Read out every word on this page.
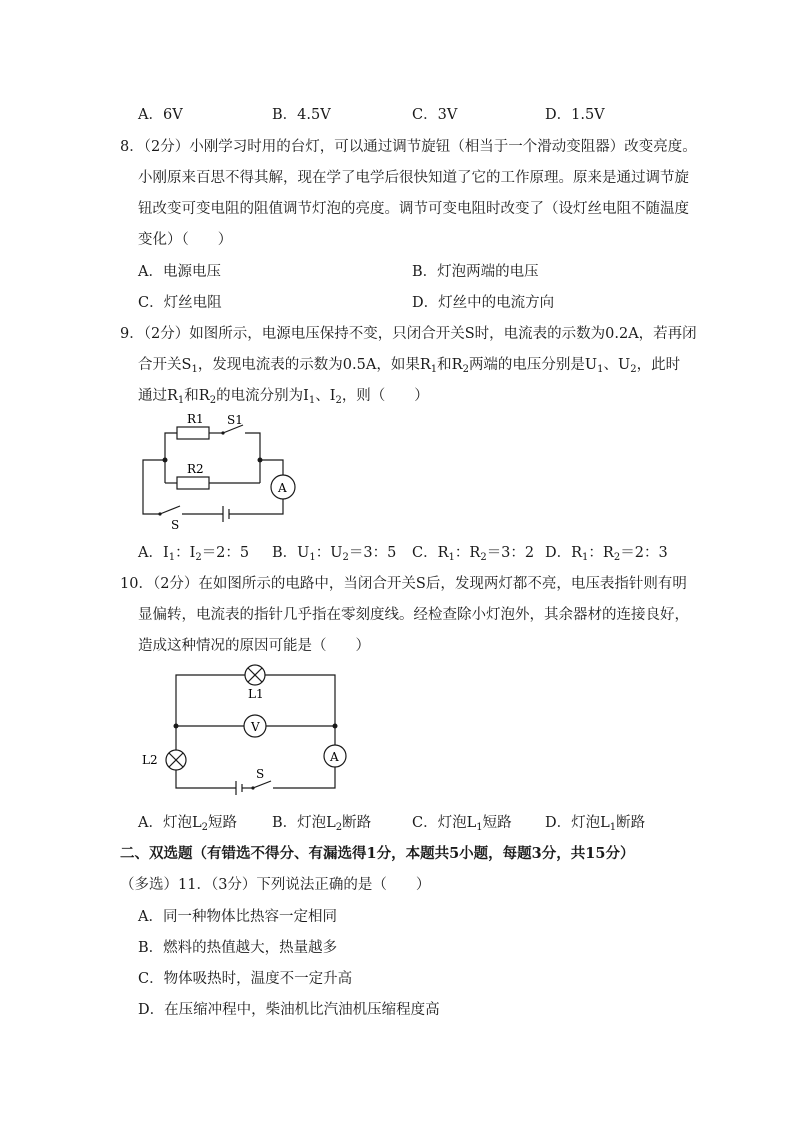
A．6V	B．4.5V	C．3V	D．1.5V
8．（2分）小刚学习时用的台灯，可以通过调节旋钮（相当于一个滑动变阻器）改变亮度。
小刚原来百思不得其解，现在学了电学后很快知道了它的工作原理。原来是通过调节旋
钮改变可变电阻的阻值调节灯泡的亮度。调节可变电阻时改变了（设灯丝电阻不随温度
变化）（　　）
A．电源电压	B．灯泡两端的电压
C．灯丝电阻	D．灯丝中的电流方向
9．（2分）如图所示，电源电压保持不变，只闭合开关S时，电流表的示数为0.2A，若再闭
合开关$S_1$，发现电流表的示数为0.5A，如果$R_1$和$R_2$两端的电压分别是$U_1$、$U_2$，此时
通过$R_1$和$R_2$的电流分别为$I_1$、$I_2$，则（　　）
R1 S1
R2
S
A
A．$I_1$：$I_2=2$：5 B．$U_1$：$U_2=3$：5 C．$R_1$：$R_2=3$：2 D．$R_1$：$R_2=2$：3
10．（2分）在如图所示的电路中，当闭合开关S后，发现两灯都不亮，电压表指针则有明
显偏转，电流表的指针几乎指在零刻度线。经检查除小灯泡外，其余器材的连接良好，
造成这种情况的原因可能是（　　）
L1
L2
V
A
S
A．灯泡$L_2$短路 B．灯泡$L_2$断路	C．灯泡$L_1$短路 D．灯泡$L_1$断路
二、双选题（有错选不得分、有漏选得1分，本题共5小题，每题3分，共15分）
（多选）11．（3分）下列说法正确的是（　　）
A．同一种物体比热容一定相同
B．燃料的热值越大，热量越多
C．物体吸热时，温度不一定升高
D．在压缩冲程中，柴油机比汽油机压缩程度高
